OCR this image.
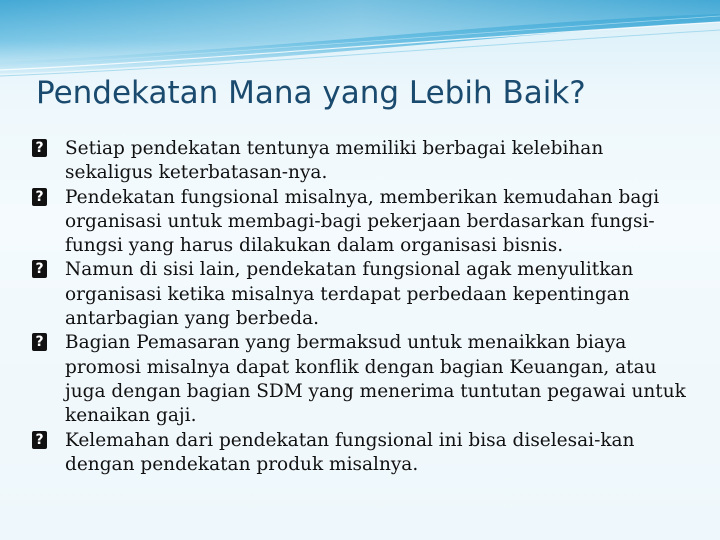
Pendekatan Mana yang Lebih Baik?
?
Setiap pendekatan tentunya memiliki berbagai kelebihan sekaligus keterbatasan-nya.
?
Pendekatan fungsional misalnya, memberikan kemudahan bagi organisasi untuk membagi-bagi pekerjaan berdasarkan fungsi-fungsi yang harus dilakukan dalam organisasi bisnis.
?
Namun di sisi lain, pendekatan fungsional agak menyulitkan organisasi ketika misalnya terdapat perbedaan kepentingan antarbagian yang berbeda.
?
Bagian Pemasaran yang bermaksud untuk menaikkan biaya promosi misalnya dapat konflik dengan bagian Keuangan, atau juga dengan bagian SDM yang menerima tuntutan pegawai untuk kenaikan gaji.
?
Kelemahan dari pendekatan fungsional ini bisa diselesai-kan dengan pendekatan produk misalnya.
